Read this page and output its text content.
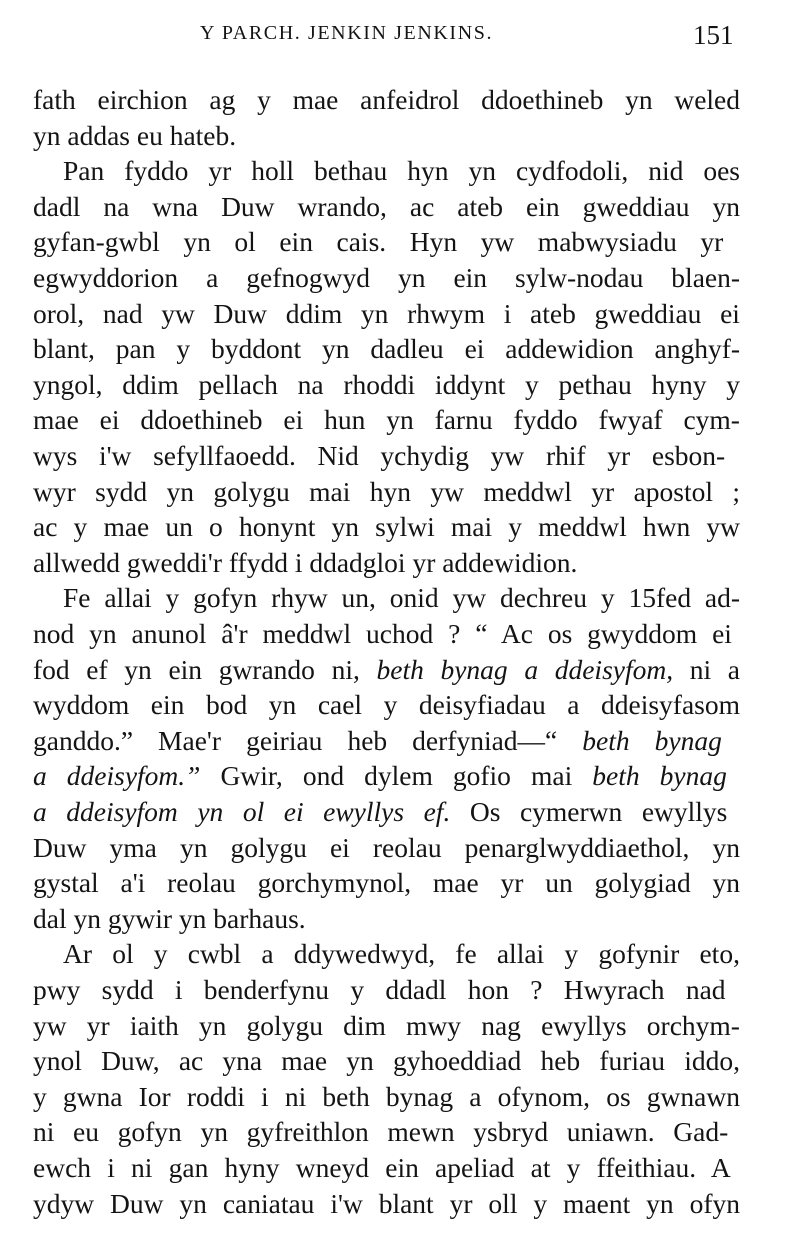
Y PARCH. JENKIN JENKINS.	151
fath eirchion ag y mae anfeidrol ddoethineb yn weled
yn addas eu hateb.
Pan fyddo yr holl bethau hyn yn cydfodoli, nid oes
dadl na wna Duw wrando, ac ateb ein gweddiau yn
gyfan-gwbl yn ol ein cais. Hyn yw mabwysiadu yr
egwyddorion a gefnogwyd yn ein sylw-nodau blaen-
orol, nad yw Duw ddim yn rhwym i ateb gweddiau ei
blant, pan y byddont yn dadleu ei addewidion anghyf-
yngol, ddim pellach na rhoddi iddynt y pethau hyny y
mae ei ddoethineb ei hun yn farnu fyddo fwyaf cym-
wys i'w sefyllfaoedd. Nid ychydig yw rhif yr esbon-
wyr sydd yn golygu mai hyn yw meddwl yr apostol ;
ac y mae un o honynt yn sylwi mai y meddwl hwn yw
allwedd gweddi'r ffydd i ddadgloi yr addewidion.
Fe allai y gofyn rhyw un, onid yw dechreu y 15fed ad-
nod yn anunol â'r meddwl uchod ? “ Ac os gwyddom ei
fod ef yn ein gwrando ni, beth bynag a ddeisyfom, ni a
wyddom ein bod yn cael y deisyfiadau a ddeisyfasom
ganddo.” Mae'r geiriau heb derfyniad—“ beth bynag
a ddeisyfom.” Gwir, ond dylem gofio mai beth bynag
a ddeisyfom yn ol ei ewyllys ef. Os cymerwn ewyllys
Duw yma yn golygu ei reolau penarglwyddiaethol, yn
gystal a'i reolau gorchymynol, mae yr un golygiad yn
dal yn gywir yn barhaus.
Ar ol y cwbl a ddywedwyd, fe allai y gofynir eto,
pwy sydd i benderfynu y ddadl hon ? Hwyrach nad
yw yr iaith yn golygu dim mwy nag ewyllys orchym-
ynol Duw, ac yna mae yn gyhoeddiad heb furiau iddo,
y gwna Ior roddi i ni beth bynag a ofynom, os gwnawn
ni eu gofyn yn gyfreithlon mewn ysbryd uniawn. Gad-
ewch i ni gan hyny wneyd ein apeliad at y ffeithiau. A
ydyw Duw yn caniatau i'w blant yr oll y maent yn ofyn
